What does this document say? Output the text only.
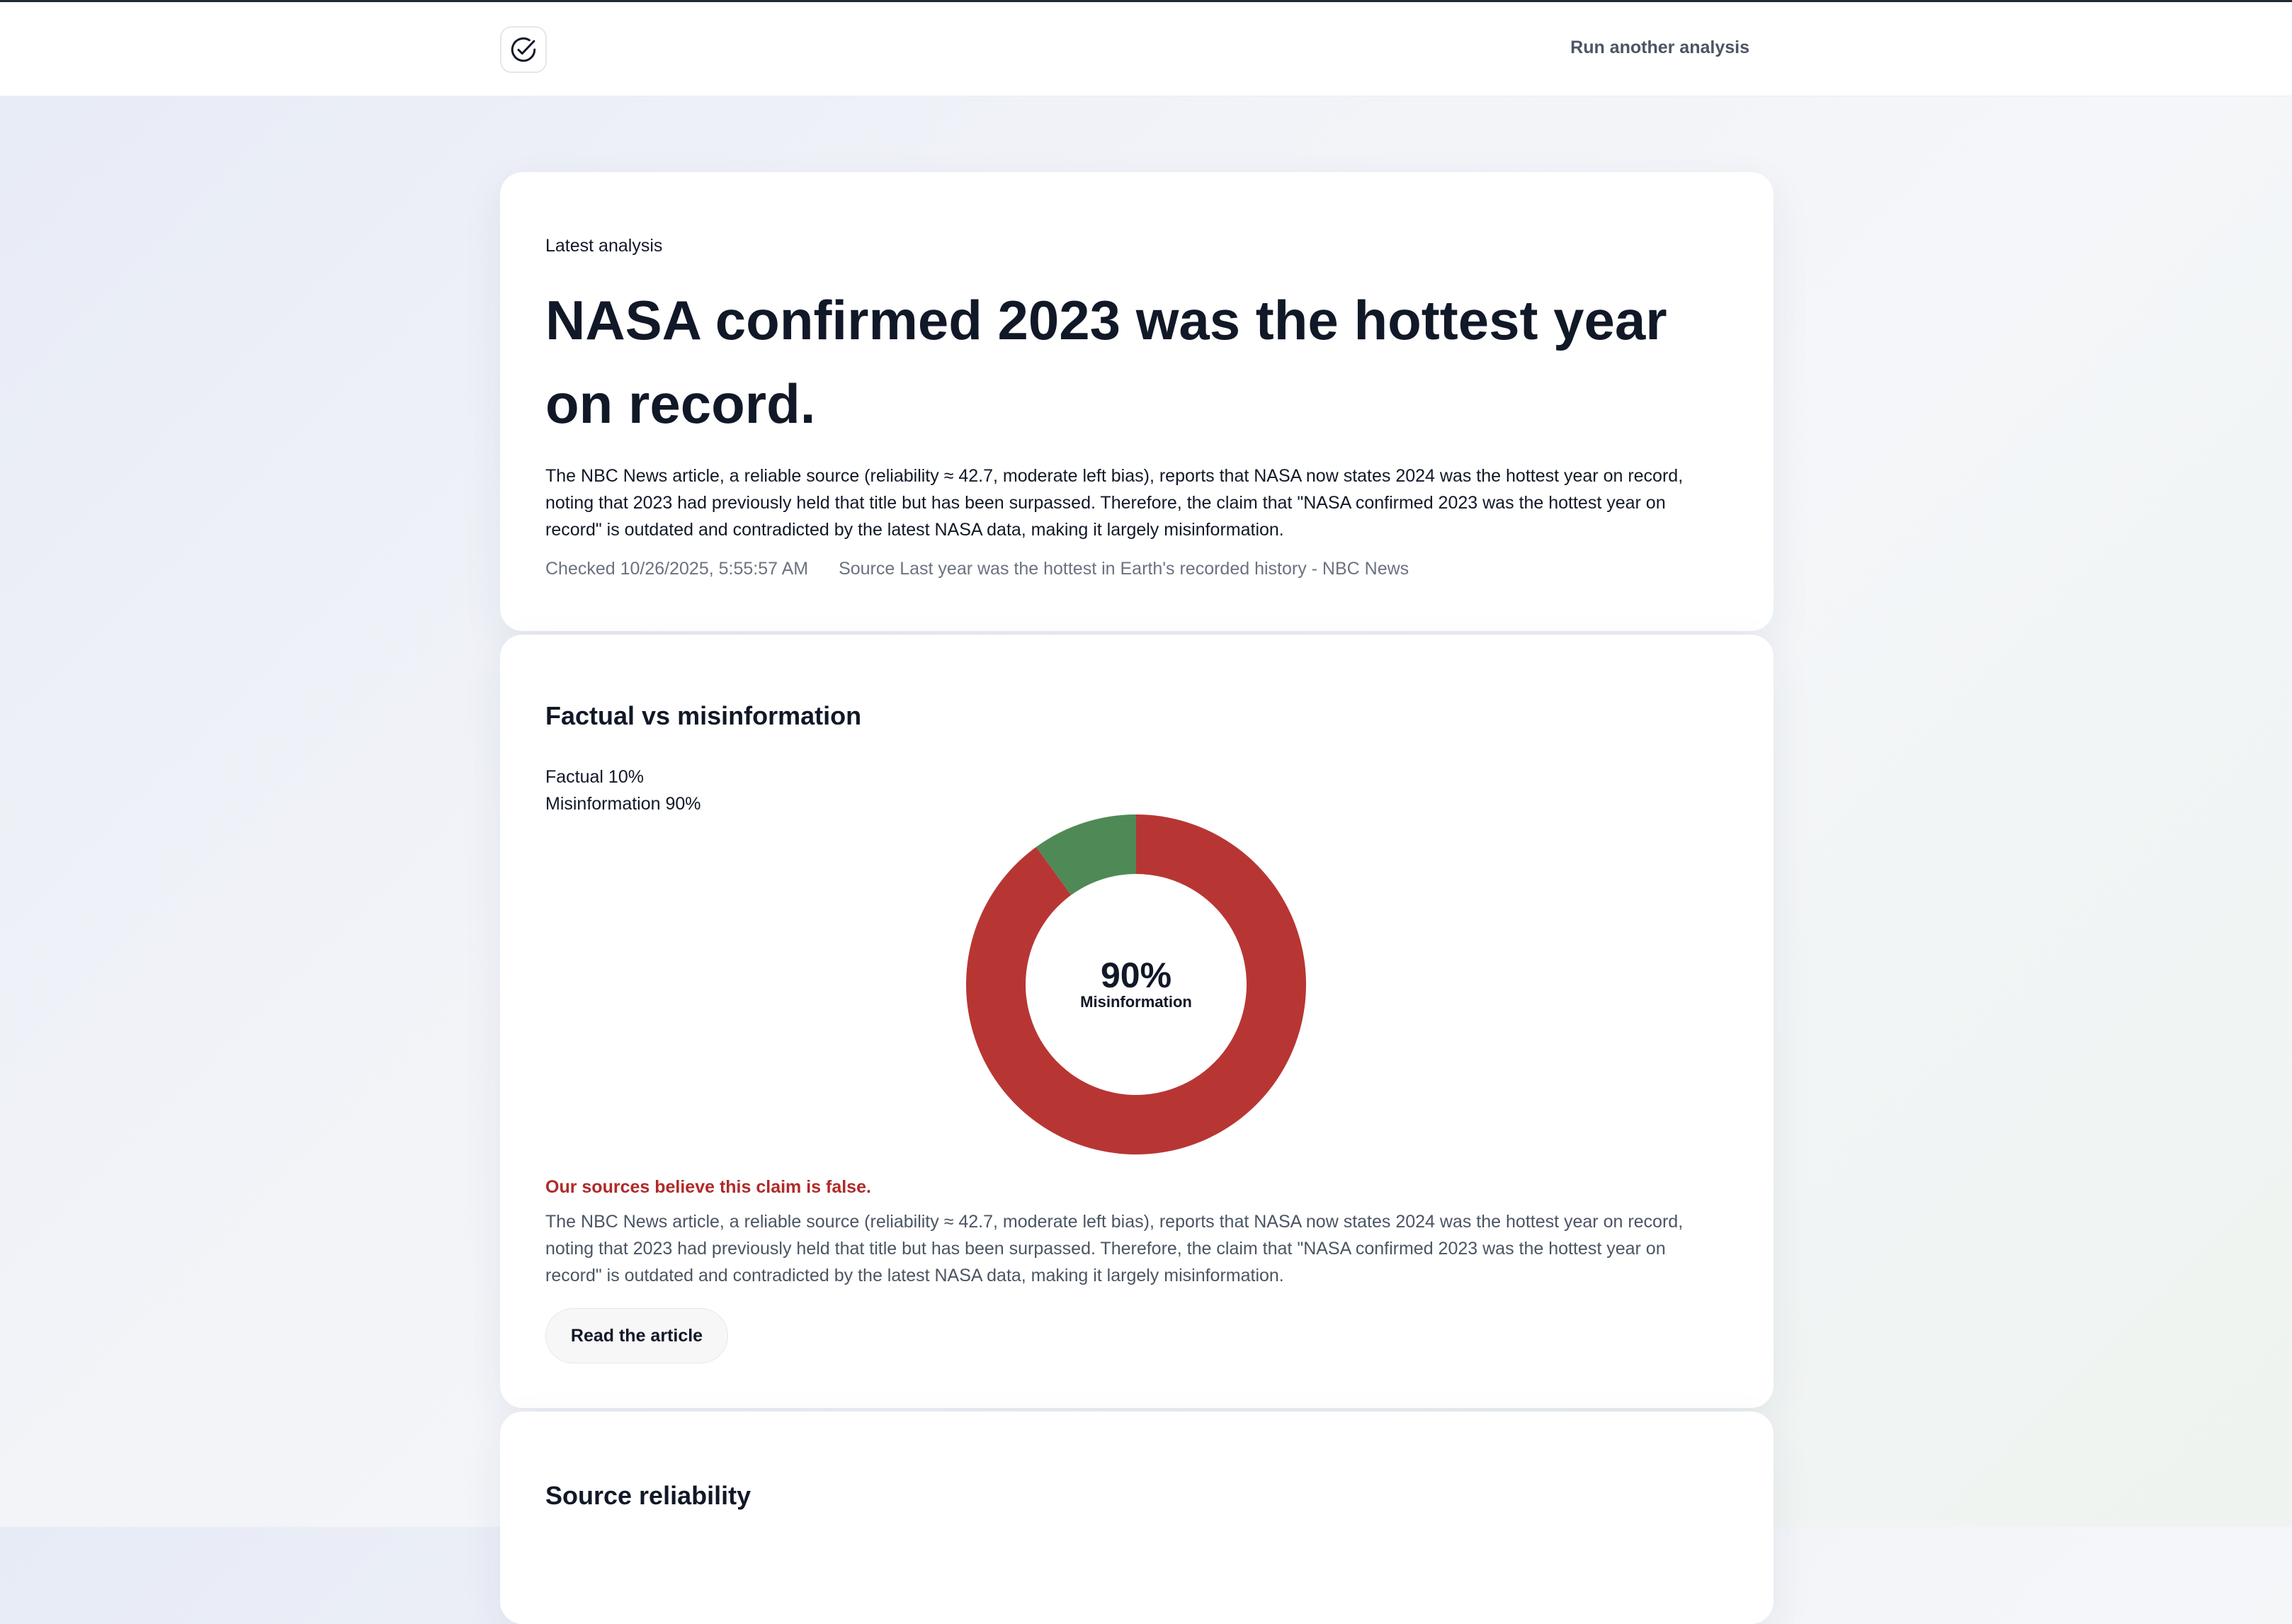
Run another analysis
Latest analysis
NASA confirmed 2023 was the hottest year on record.

The NBC News article, a reliable source (reliability ≈ 42.7, moderate left bias), reports that NASA now states 2024 was the hottest year on record, noting that 2023 had previously held that title but has been surpassed. Therefore, the claim that "NASA confirmed 2023 was the hottest year on record" is outdated and contradicted by the latest NASA data, making it largely misinformation.

Checked 10/26/2025, 5:55:57 AM Source Last year was the hottest in Earth's recorded history - NBC News
Factual vs misinformation
Factual 10%
Misinformation 90%
90%
Misinformation
Our sources believe this claim is false.

The NBC News article, a reliable source (reliability ≈ 42.7, moderate left bias), reports that NASA now states 2024 was the hottest year on record, noting that 2023 had previously held that title but has been surpassed. Therefore, the claim that "NASA confirmed 2023 was the hottest year on record" is outdated and contradicted by the latest NASA data, making it largely misinformation.

Read the article
Source reliability
